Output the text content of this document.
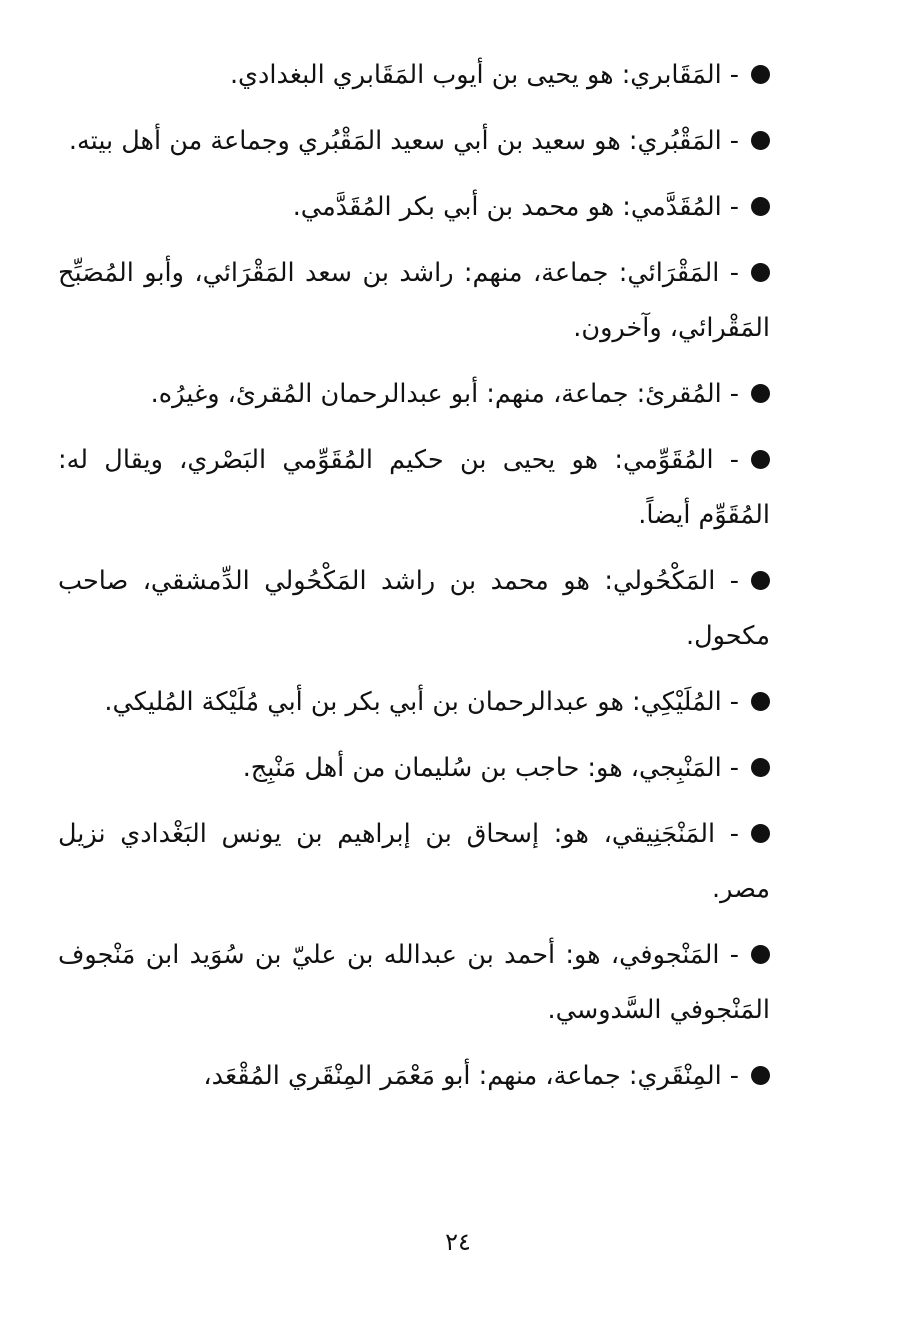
- المَقَابري: هو يحيى بن أيوب المَقَابري البغدادي.

- المَقْبُري: هو سعيد بن أبي سعيد المَقْبُري وجماعة من أهل بيته.

- المُقَدَّمي: هو محمد بن أبي بكر المُقَدَّمي.

- المَقْرَائي: جماعة، منهم: راشد بن سعد المَقْرَائي، وأبو المُصَبِّح المَقْرائي، وآخرون.

- المُقرئ: جماعة، منهم: أبو عبدالرحمان المُقرئ، وغيرُه.

- المُقَوِّمي: هو يحيى بن حكيم المُقَوِّمي البَصْري، ويقال له: المُقَوِّم أيضاً.

- المَكْحُولي: هو محمد بن راشد المَكْحُولي الدِّمشقي، صاحب مكحول.

- المُلَيْكِي: هو عبدالرحمان بن أبي بكر بن أبي مُلَيْكة المُليكي.

- المَنْبِجي، هو: حاجب بن سُليمان من أهل مَنْبِج.

- المَنْجَنِيقي، هو: إسحاق بن إبراهيم بن يونس البَغْدادي نزيل مصر.

- المَنْجوفي، هو: أحمد بن عبدالله بن عليّ بن سُوَيد ابن مَنْجوف المَنْجوفي السَّدوسي.

- المِنْقَري: جماعة، منهم: أبو مَعْمَر المِنْقَري المُقْعَد،

٢٤
